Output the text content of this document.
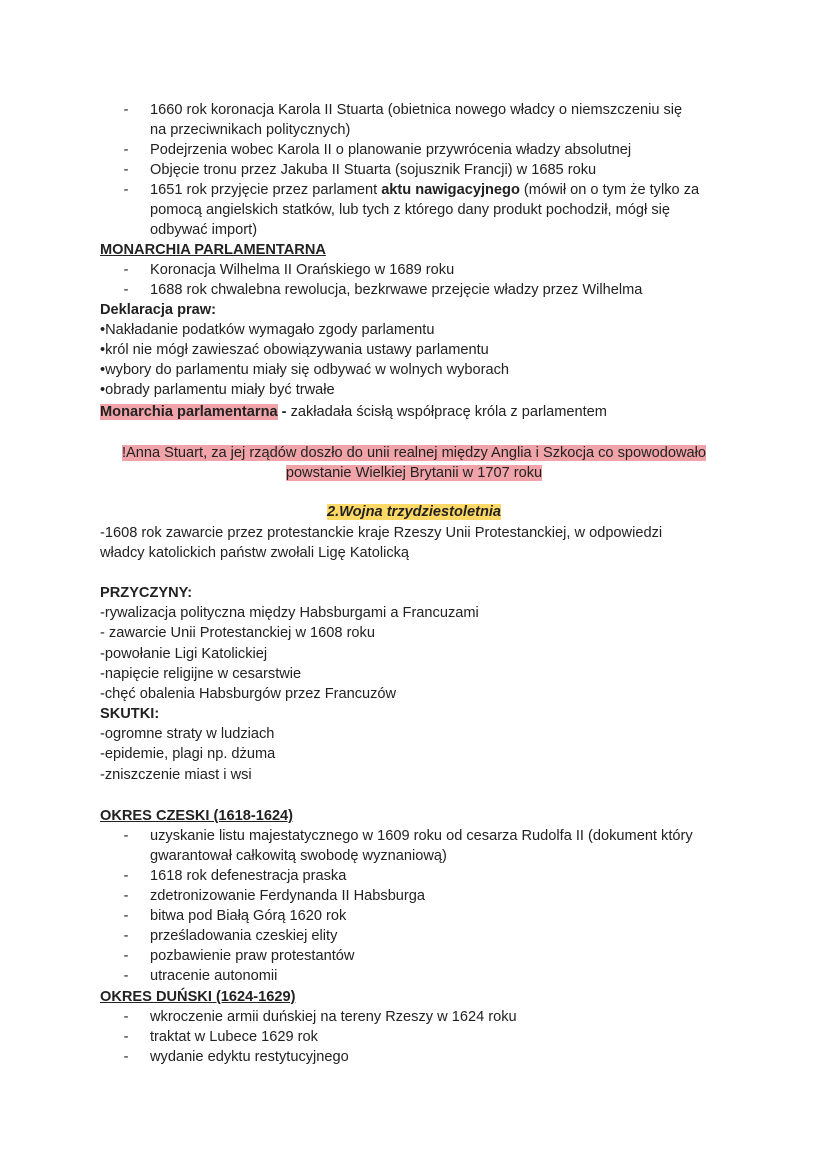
- 1660 rok koronacja Karola II Stuarta (obietnica nowego władcy o niemszczeniu się
na przeciwnikach politycznych)
- Podejrzenia wobec Karola II o planowanie przywrócenia władzy absolutnej
- Objęcie tronu przez Jakuba II Stuarta (sojusznik Francji) w 1685 roku
- 1651 rok przyjęcie przez parlament aktu nawigacyjnego (mówił on o tym że tylko za
pomocą angielskich statków, lub tych z którego dany produkt pochodził, mógł się
odbywać import)
MONARCHIA PARLAMENTARNA
- Koronacja Wilhelma II Orańskiego w 1689 roku
- 1688 rok chwalebna rewolucja, bezkrwawe przejęcie władzy przez Wilhelma
Deklaracja praw:
•Nakładanie podatków wymagało zgody parlamentu
•król nie mógł zawieszać obowiązywania ustawy parlamentu
•wybory do parlamentu miały się odbywać w wolnych wyborach
•obrady parlamentu miały być trwałe
Monarchia parlamentarna - zakładała ścisłą współpracę króla z parlamentem
!Anna Stuart, za jej rządów doszło do unii realnej między Anglia i Szkocja co spowodowało
powstanie Wielkiej Brytanii w 1707 roku
2.Wojna trzydziestoletnia
-1608 rok zawarcie przez protestanckie kraje Rzeszy Unii Protestanckiej, w odpowiedzi
władcy katolickich państw zwołali Ligę Katolicką
PRZYCZYNY:
-rywalizacja polityczna między Habsburgami a Francuzami
- zawarcie Unii Protestanckiej w 1608 roku
-powołanie Ligi Katolickiej
-napięcie religijne w cesarstwie
-chęć obalenia Habsburgów przez Francuzów
SKUTKI:
-ogromne straty w ludziach
-epidemie, plagi np. dżuma
-zniszczenie miast i wsi
OKRES CZESKI (1618-1624)
- uzyskanie listu majestatycznego w 1609 roku od cesarza Rudolfa II (dokument który
gwarantował całkowitą swobodę wyznaniową)
- 1618 rok defenestracja praska
- zdetronizowanie Ferdynanda II Habsburga
- bitwa pod Białą Górą 1620 rok
- prześladowania czeskiej elity
- pozbawienie praw protestantów
- utracenie autonomii
OKRES DUŃSKI (1624-1629)
- wkroczenie armii duńskiej na tereny Rzeszy w 1624 roku
- traktat w Lubece 1629 rok
- wydanie edyktu restytucyjnego
